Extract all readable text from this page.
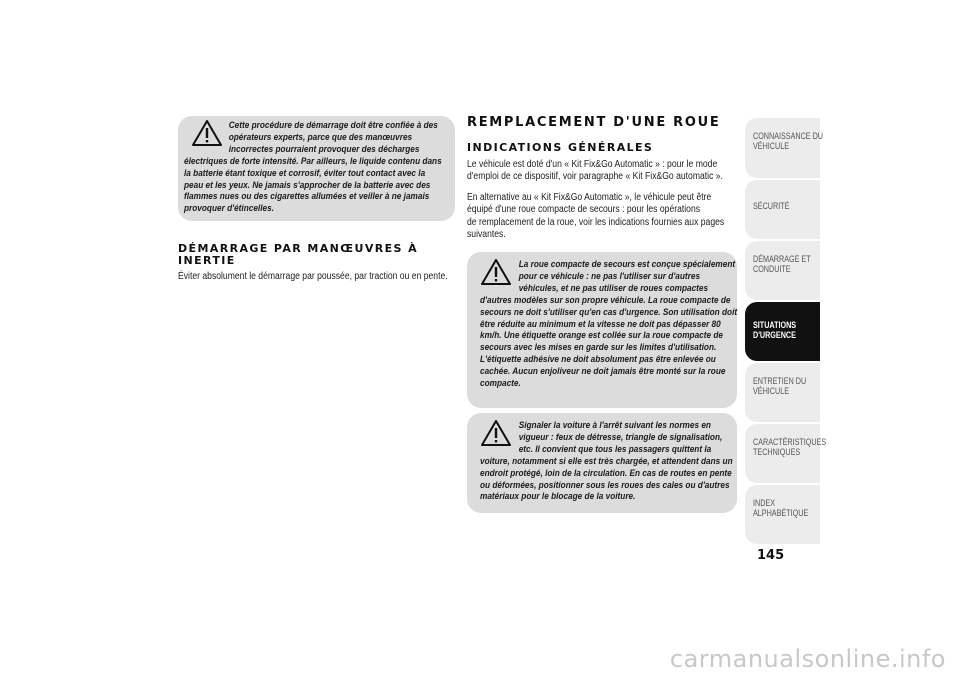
Cette procédure de démarrage doit être confiée à des
opérateurs experts, parce que des manœuvres
incorrectes pourraient provoquer des décharges
électriques de forte intensité. Par ailleurs, le liquide contenu dans
la batterie étant toxique et corrosif, éviter tout contact avec la
peau et les yeux. Ne jamais s'approcher de la batterie avec des
flammes nues ou des cigarettes allumées et veiller à ne jamais
provoquer d'étincelles.
DÉMARRAGE PAR MANŒUVRES À
INERTIE
Éviter absolument le démarrage par poussée, par traction ou en pente.
REMPLACEMENT D'UNE ROUE
INDICATIONS GÉNÉRALES
Le véhicule est doté d'un « Kit Fix&Go Automatic » : pour le mode
d'emploi de ce dispositif, voir paragraphe « Kit Fix&Go automatic ».
En alternative au « Kit Fix&Go Automatic », le véhicule peut être
équipé d'une roue compacte de secours : pour les opérations
de remplacement de la roue, voir les indications fournies aux pages
suivantes.
La roue compacte de secours est conçue spécialement
pour ce véhicule : ne pas l'utiliser sur d'autres
véhicules, et ne pas utiliser de roues compactes
d'autres modèles sur son propre véhicule. La roue compacte de
secours ne doit s'utiliser qu'en cas d'urgence. Son utilisation doit
être réduite au minimum et la vitesse ne doit pas dépasser 80
km/h. Une étiquette orange est collée sur la roue compacte de
secours avec les mises en garde sur les limites d'utilisation.
L'étiquette adhésive ne doit absolument pas être enlevée ou
cachée. Aucun enjoliveur ne doit jamais être monté sur la roue
compacte.
Signaler la voiture à l'arrêt suivant les normes en
vigueur : feux de détresse, triangle de signalisation,
etc. Il convient que tous les passagers quittent la
voiture, notamment si elle est très chargée, et attendent dans un
endroit protégé, loin de la circulation. En cas de routes en pente
ou déformées, positionner sous les roues des cales ou d'autres
matériaux pour le blocage de la voiture.
CONNAISSANCE DU
VÉHICULE
SÉCURITÉ
DÉMARRAGE ET
CONDUITE
SITUATIONS
D'URGENCE
ENTRETIEN DU
VÉHICULE
CARACTÉRISTIQUES
TECHNIQUES
INDEX
ALPHABÉTIQUE
145
carmanualsonline.info
